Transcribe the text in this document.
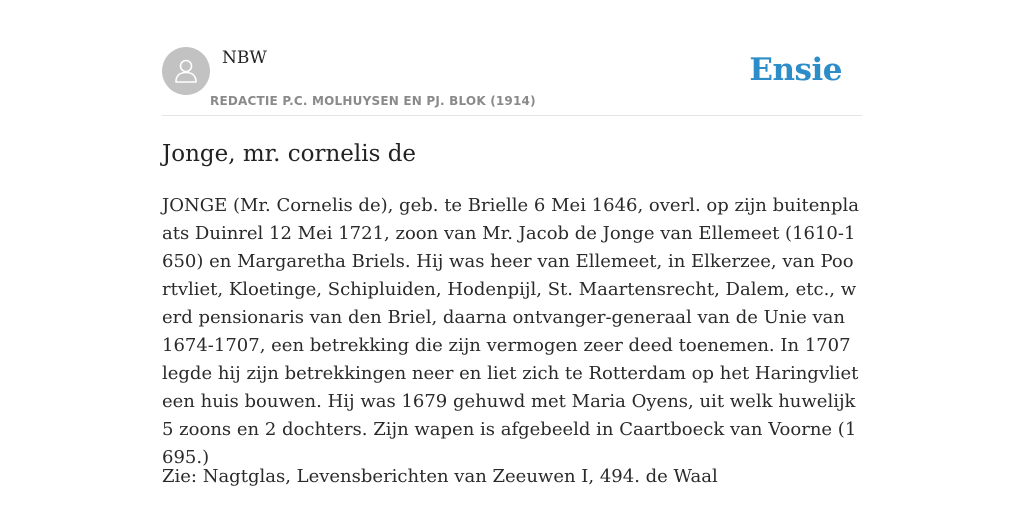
NBW
REDACTIE P.C. MOLHUYSEN EN PJ. BLOK (1914)
Ensie
Jonge, mr. cornelis de

JONGE (Mr. Cornelis de), geb. te Brielle 6 Mei 1646, overl. op zijn buitenplaats Duinrel 12 Mei 1721, zoon van Mr. Jacob de Jonge van Ellemeet (1610-1650) en Margaretha Briels. Hij was heer van Ellemeet, in Elkerzee, van Poortvliet, Kloetinge, Schipluiden, Hodenpijl, St. Maartensrecht, Dalem, etc., werd pensionaris van den Briel, daarna ontvanger-generaal van de Unie van 1674-1707, een betrekking die zijn vermogen zeer deed toenemen. In 1707 legde hij zijn betrekkingen neer en liet zich te Rotterdam op het Haringvliet een huis bouwen. Hij was 1679 gehuwd met Maria Oyens, uit welk huwelijk 5 zoons en 2 dochters. Zijn wapen is afgebeeld in Caartboeck van Voorne (1695.)

Zie: Nagtglas, Levensberichten van Zeeuwen I, 494. de Waal
